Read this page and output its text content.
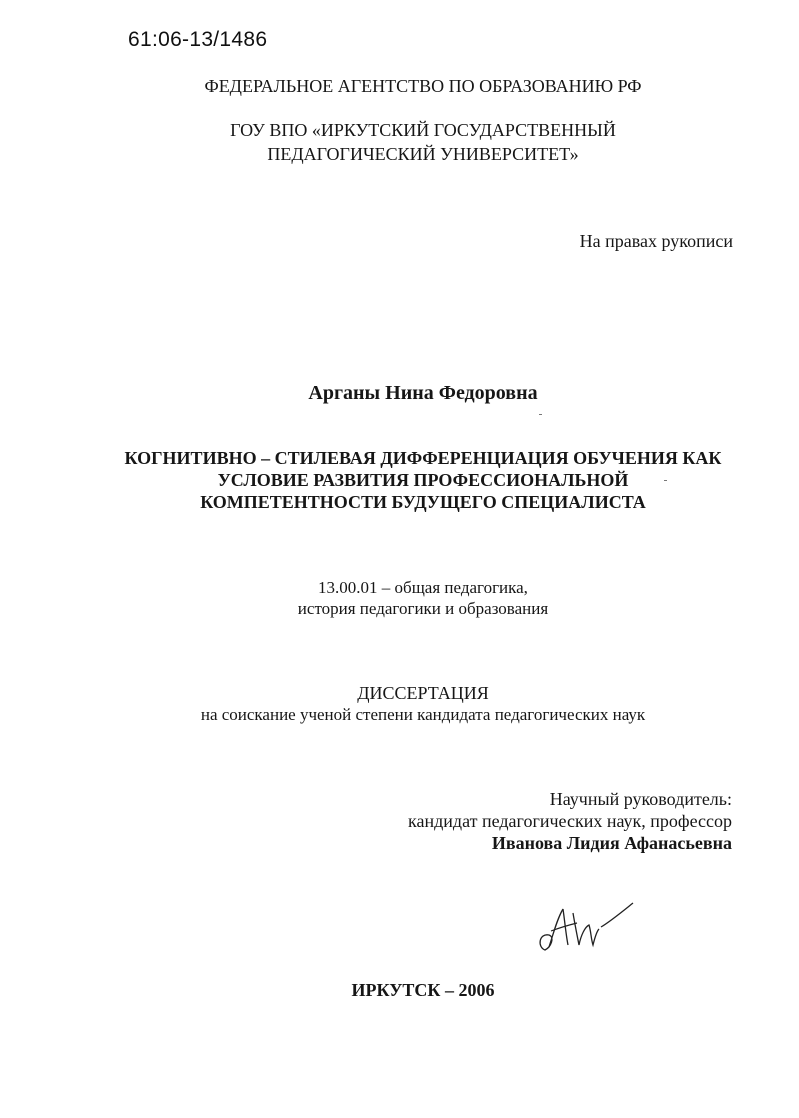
61:06-13/1486
ФЕДЕРАЛЬНОЕ АГЕНТСТВО ПО ОБРАЗОВАНИЮ РФ
ГОУ ВПО «ИРКУТСКИЙ ГОСУДАРСТВЕННЫЙ
ПЕДАГОГИЧЕСКИЙ УНИВЕРСИТЕТ»
На правах рукописи
Арганы Нина Федоровна
КОГНИТИВНО – СТИЛЕВАЯ ДИФФЕРЕНЦИАЦИЯ ОБУЧЕНИЯ КАК
УСЛОВИЕ РАЗВИТИЯ ПРОФЕССИОНАЛЬНОЙ
КОМПЕТЕНТНОСТИ БУДУЩЕГО СПЕЦИАЛИСТА
13.00.01 – общая педагогика,
история педагогики и образования
ДИССЕРТАЦИЯ
на соискание ученой степени кандидата педагогических наук
Научный руководитель:
кандидат педагогических наук, профессор
Иванова Лидия Афанасьевна
ИРКУТСК – 2006
